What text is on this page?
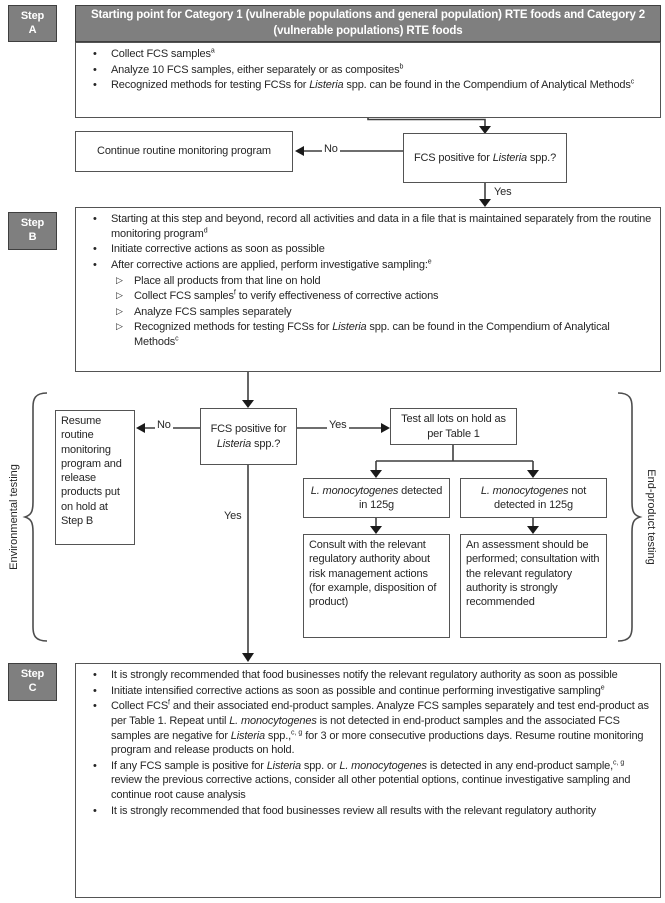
Step
A
Starting point for Category 1 (vulnerable populations and general population) RTE foods and Category 2 (vulnerable populations) RTE foods
•	Collect FCS samples$^a$
•	Analyze 10 FCS samples, either separately or as composites$^b$
•	Recognized methods for testing FCSs for Listeria spp. can be found in the Compendium of Analytical Methods$^c$
Continue routine monitoring program
FCS positive for Listeria spp.?
No
Yes
Step
B
•	Starting at this step and beyond, record all activities and data in a file that is maintained separately from the routine monitoring program$^d$
•	Initiate corrective actions as soon as possible
•	After corrective actions are applied, perform investigative sampling:$^e$
▷	Place all products from that line on hold
▷	Collect FCS samples$^f$ to verify effectiveness of corrective actions
▷	Analyze FCS samples separately
▷	Recognized methods for testing FCSs for Listeria spp. can be found in the Compendium of Analytical Methods$^c$
Resume routine monitoring program and release products put on hold at Step B
FCS positive for Listeria spp.?
Test all lots on hold as per Table 1
No	Yes
Yes
L. monocytogenes detected in 125g
L. monocytogenes not detected in 125g
Consult with the relevant regulatory authority about risk management actions (for example, disposition of product)
An assessment should be performed; consultation with the relevant regulatory authority is strongly recommended
Environmental testing	End-product testing
Step
C
•	It is strongly recommended that food businesses notify the relevant regulatory authority as soon as possible
•	Initiate intensified corrective actions as soon as possible and continue performing investigative sampling$^e$
•	Collect FCS$^f$ and their associated end-product samples. Analyze FCS samples separately and test end-product as per Table 1. Repeat until L. monocytogenes is not detected in end-product samples and the associated FCS samples are negative for Listeria spp.,$^{c, g}$ for 3 or more consecutive productions days. Resume routine monitoring program and release products on hold.
•	If any FCS sample is positive for Listeria spp. or L. monocytogenes is detected in any end-product sample,$^{c, g}$ review the previous corrective actions, consider all other potential options, continue investigative sampling and continue root cause analysis
•	It is strongly recommended that food businesses review all results with the relevant regulatory authority
